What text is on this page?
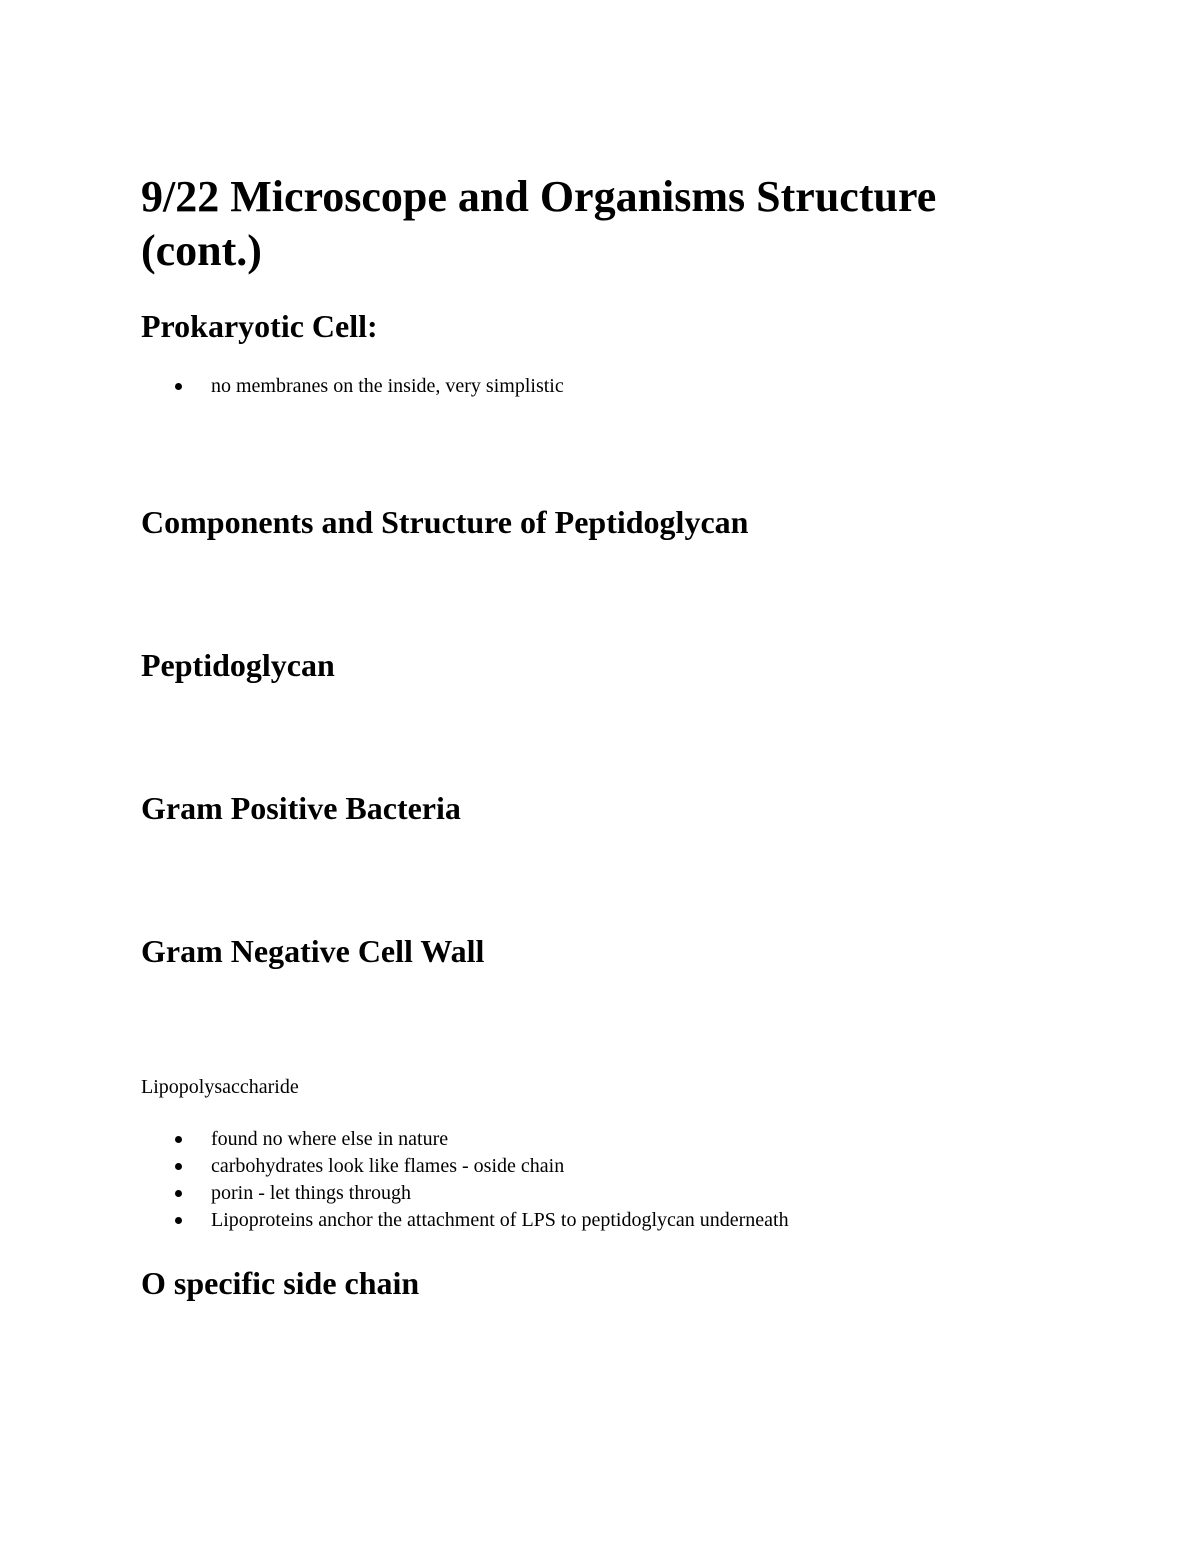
9/22 Microscope and Organisms Structure (cont.)
Prokaryotic Cell:
no membranes on the inside, very simplistic
Components and Structure of Peptidoglycan
Peptidoglycan
Gram Positive Bacteria
Gram Negative Cell Wall

Lipopolysaccharide

found no where else in nature
carbohydrates look like flames - oside chain
porin - let things through
Lipoproteins anchor the attachment of LPS to peptidoglycan underneath
O specific side chain
